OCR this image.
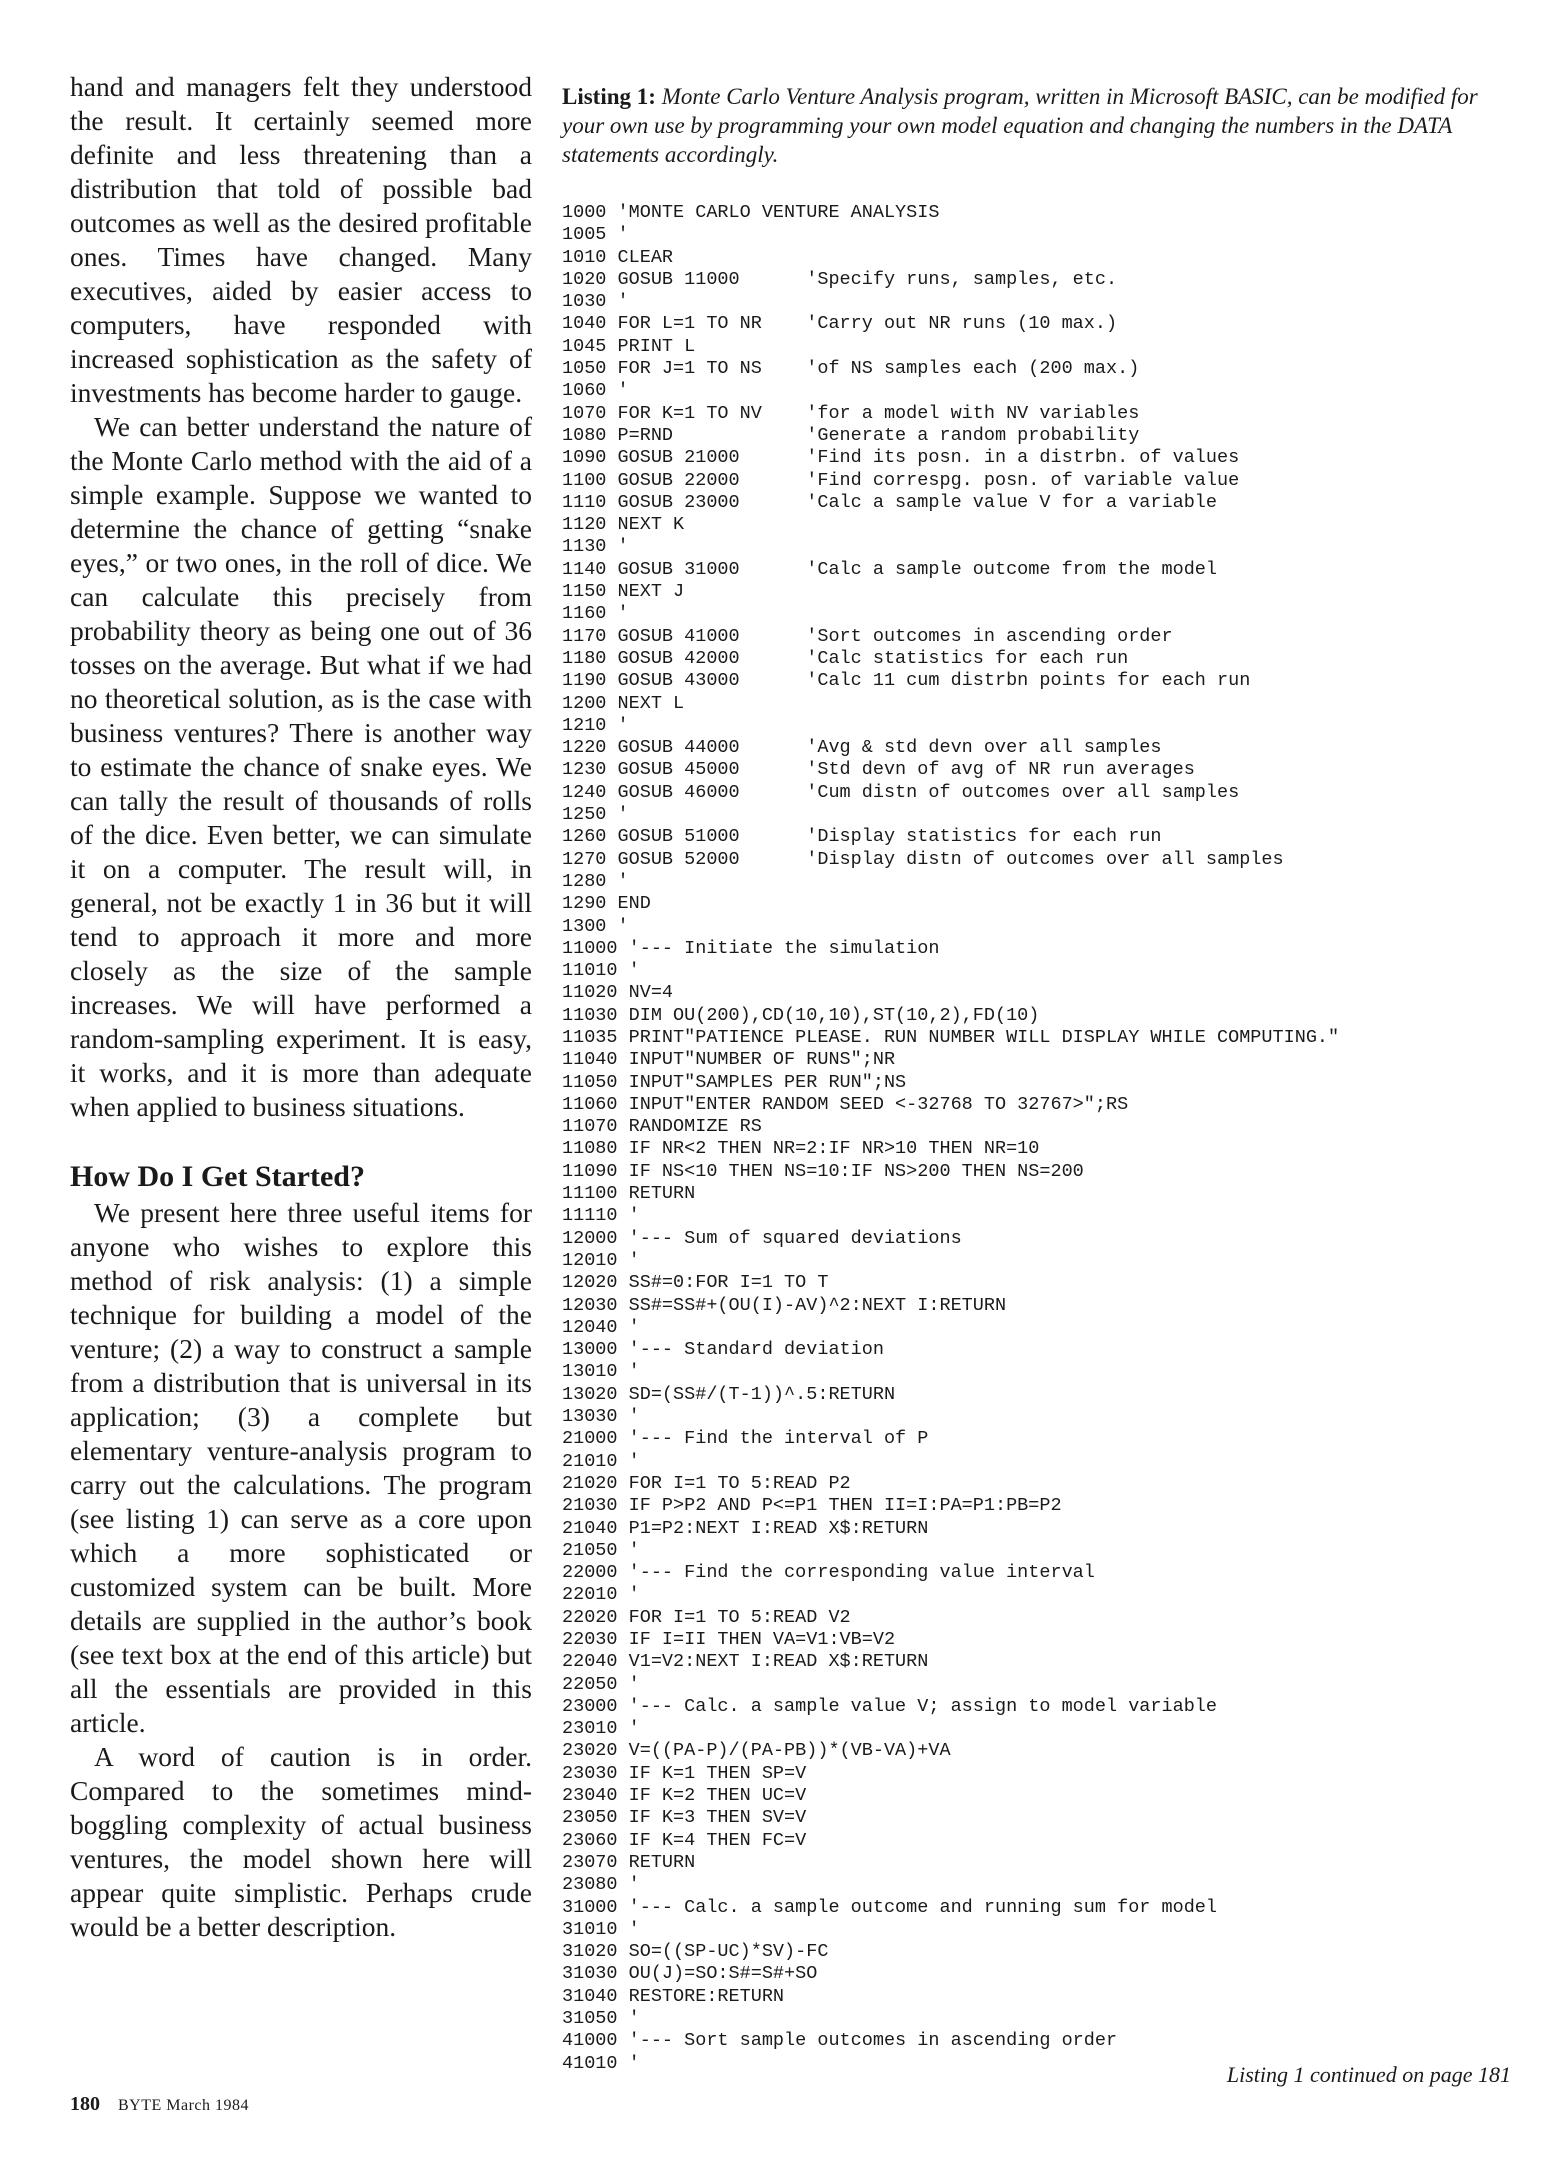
hand and managers felt they understood the result. It certainly seemed more definite and less threatening than a distribution that told of possible bad outcomes as well as the desired profitable ones. Times have changed. Many executives, aided by easier access to computers, have responded with increased sophistication as the safety of investments has become harder to gauge.

We can better understand the nature of the Monte Carlo method with the aid of a simple example. Suppose we wanted to determine the chance of getting “snake eyes,” or two ones, in the roll of dice. We can calculate this precisely from probability theory as being one out of 36 tosses on the average. But what if we had no theoretical solution, as is the case with business ventures? There is another way to estimate the chance of snake eyes. We can tally the result of thousands of rolls of the dice. Even better, we can simulate it on a computer. The result will, in general, not be exactly 1 in 36 but it will tend to approach it more and more closely as the size of the sample increases. We will have performed a random-sampling experiment. It is easy, it works, and it is more than adequate when applied to business situations.

How Do I Get Started?

We present here three useful items for anyone who wishes to explore this method of risk analysis: (1) a simple technique for building a model of the venture; (2) a way to construct a sample from a distribution that is universal in its application; (3) a complete but elementary venture-analysis program to carry out the calculations. The program (see listing 1) can serve as a core upon which a more sophisticated or customized system can be built. More details are supplied in the author’s book (see text box at the end of this article) but all the essentials are provided in this article.

A word of caution is in order. Compared to the sometimes mind-boggling complexity of actual business ventures, the model shown here will appear quite simplistic. Perhaps crude would be a better description.

Listing 1: Monte Carlo Venture Analysis program, written in Microsoft BASIC, can be modified for your own use by programming your own model equation and changing the numbers in the DATA statements accordingly.
1000 'MONTE CARLO VENTURE ANALYSIS
1005 '
1010 CLEAR
1020 GOSUB 11000      'Specify runs, samples, etc.
1030 '
1040 FOR L=1 TO NR    'Carry out NR runs (10 max.)
1045 PRINT L
1050 FOR J=1 TO NS    'of NS samples each (200 max.)
1060 '
1070 FOR K=1 TO NV    'for a model with NV variables
1080 P=RND            'Generate a random probability
1090 GOSUB 21000      'Find its posn. in a distrbn. of values
1100 GOSUB 22000      'Find correspg. posn. of variable value
1110 GOSUB 23000      'Calc a sample value V for a variable
1120 NEXT K
1130 '
1140 GOSUB 31000      'Calc a sample outcome from the model
1150 NEXT J
1160 '
1170 GOSUB 41000      'Sort outcomes in ascending order
1180 GOSUB 42000      'Calc statistics for each run
1190 GOSUB 43000      'Calc 11 cum distrbn points for each run
1200 NEXT L
1210 '
1220 GOSUB 44000      'Avg & std devn over all samples
1230 GOSUB 45000      'Std devn of avg of NR run averages
1240 GOSUB 46000      'Cum distn of outcomes over all samples
1250 '
1260 GOSUB 51000      'Display statistics for each run
1270 GOSUB 52000      'Display distn of outcomes over all samples
1280 '
1290 END
1300 '
11000 '--- Initiate the simulation
11010 '
11020 NV=4
11030 DIM OU(200),CD(10,10),ST(10,2),FD(10)
11035 PRINT"PATIENCE PLEASE. RUN NUMBER WILL DISPLAY WHILE COMPUTING."
11040 INPUT"NUMBER OF RUNS";NR
11050 INPUT"SAMPLES PER RUN";NS
11060 INPUT"ENTER RANDOM SEED <-32768 TO 32767>";RS
11070 RANDOMIZE RS
11080 IF NR<2 THEN NR=2:IF NR>10 THEN NR=10
11090 IF NS<10 THEN NS=10:IF NS>200 THEN NS=200
11100 RETURN
11110 '
12000 '--- Sum of squared deviations
12010 '
12020 SS#=0:FOR I=1 TO T
12030 SS#=SS#+(OU(I)-AV)^2:NEXT I:RETURN
12040 '
13000 '--- Standard deviation
13010 '
13020 SD=(SS#/(T-1))^.5:RETURN
13030 '
21000 '--- Find the interval of P
21010 '
21020 FOR I=1 TO 5:READ P2
21030 IF P>P2 AND P<=P1 THEN II=I:PA=P1:PB=P2
21040 P1=P2:NEXT I:READ X$:RETURN
21050 '
22000 '--- Find the corresponding value interval
22010 '
22020 FOR I=1 TO 5:READ V2
22030 IF I=II THEN VA=V1:VB=V2
22040 V1=V2:NEXT I:READ X$:RETURN
22050 '
23000 '--- Calc. a sample value V; assign to model variable
23010 '
23020 V=((PA-P)/(PA-PB))*(VB-VA)+VA
23030 IF K=1 THEN SP=V
23040 IF K=2 THEN UC=V
23050 IF K=3 THEN SV=V
23060 IF K=4 THEN FC=V
23070 RETURN
23080 '
31000 '--- Calc. a sample outcome and running sum for model
31010 '
31020 SO=((SP-UC)*SV)-FC
31030 OU(J)=SO:S#=S#+SO
31040 RESTORE:RETURN
31050 '
41000 '--- Sort sample outcomes in ascending order
41010 '	Listing 1 continued on page 181
180 BYTE March 1984
